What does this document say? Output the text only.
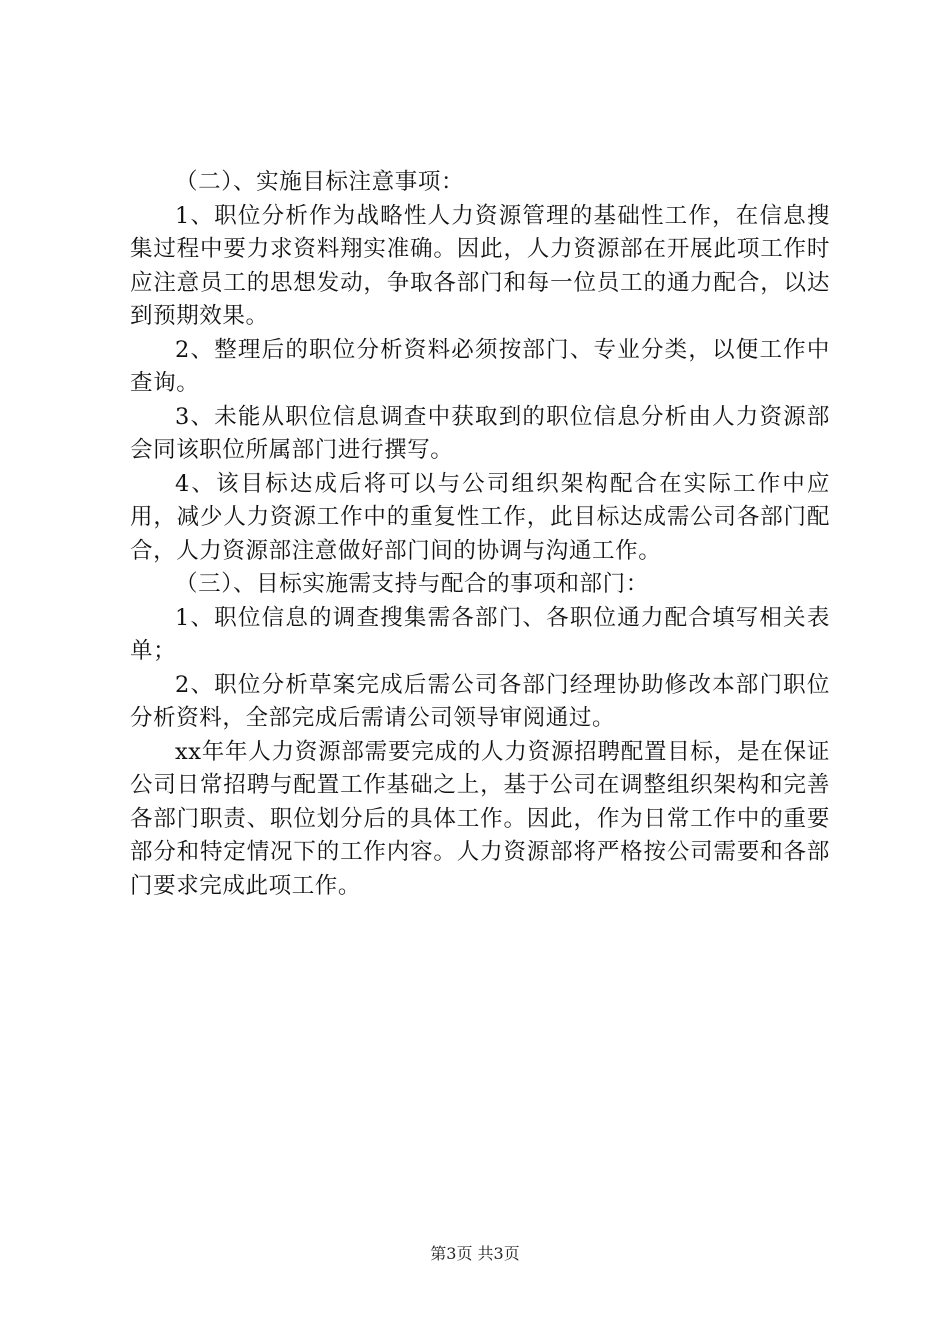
（二）、实施目标注意事项：

1、职位分析作为战略性人力资源管理的基础性工作，在信息搜集过程中要力求资料翔实准确。因此，人力资源部在开展此项工作时应注意员工的思想发动，争取各部门和每一位员工的通力配合，以达到预期效果。

2、整理后的职位分析资料必须按部门、专业分类，以便工作中查询。

3、未能从职位信息调查中获取到的职位信息分析由人力资源部会同该职位所属部门进行撰写。

4、该目标达成后将可以与公司组织架构配合在实际工作中应用，减少人力资源工作中的重复性工作，此目标达成需公司各部门配合，人力资源部注意做好部门间的协调与沟通工作。

（三）、目标实施需支持与配合的事项和部门：

1、职位信息的调查搜集需各部门、各职位通力配合填写相关表单；

2、职位分析草案完成后需公司各部门经理协助修改本部门职位分析资料，全部完成后需请公司领导审阅通过。

xx年年人力资源部需要完成的人力资源招聘配置目标，是在保证公司日常招聘与配置工作基础之上，基于公司在调整组织架构和完善各部门职责、职位划分后的具体工作。因此，作为日常工作中的重要部分和特定情况下的工作内容。人力资源部将严格按公司需要和各部门要求完成此项工作。

第3页 共3页
